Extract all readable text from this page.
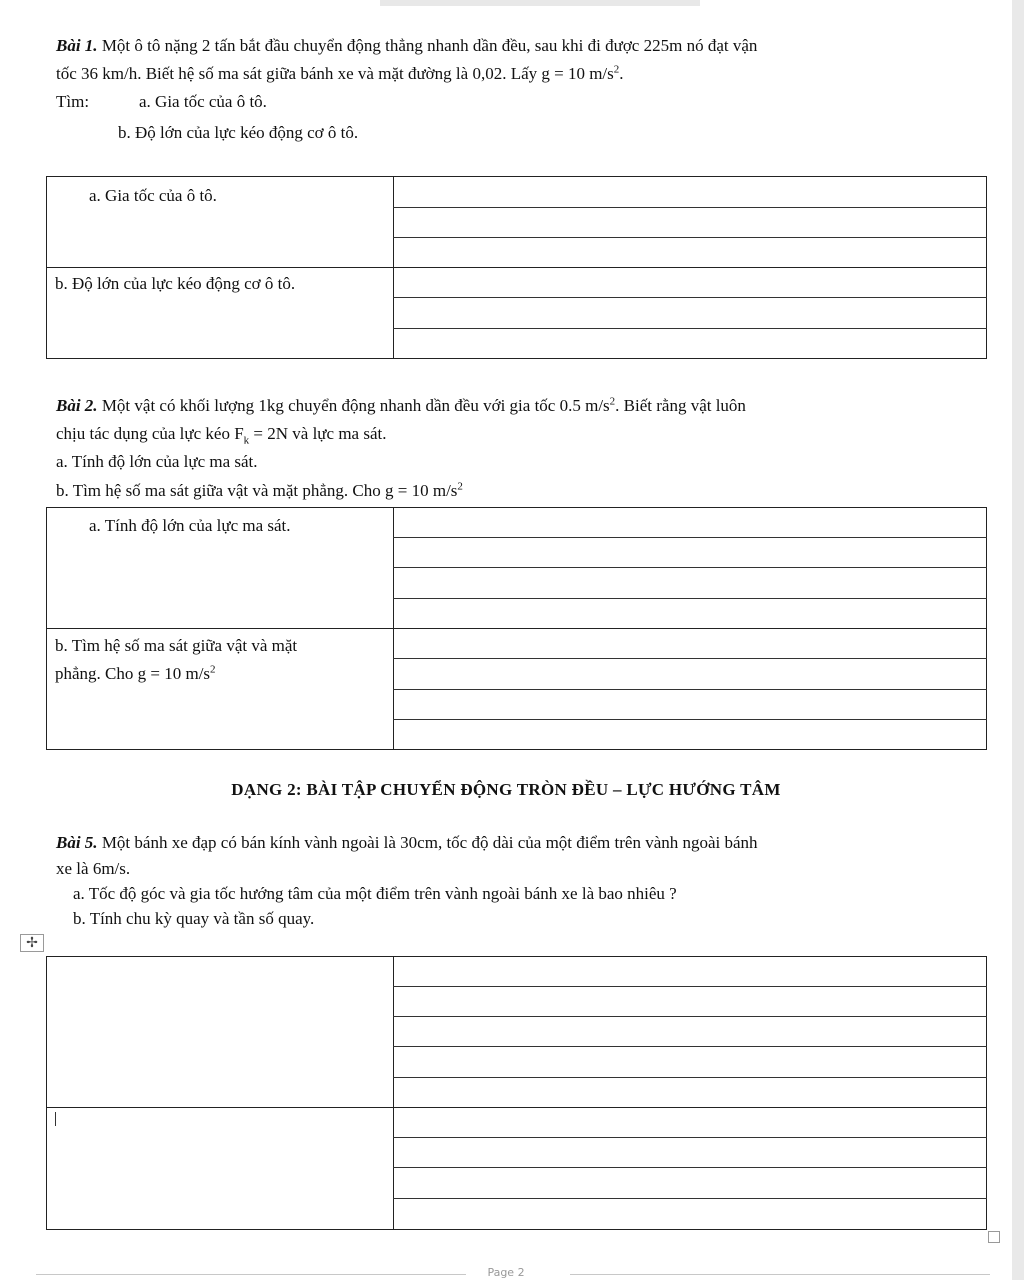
Bài 1. Một ô tô nặng 2 tấn bắt đầu chuyển động thẳng nhanh dần đều, sau khi đi được 225m nó đạt vận
tốc 36 km/h. Biết hệ số ma sát giữa bánh xe và mặt đường là 0,02. Lấy g = 10 $m/s^2$.
Tìm:	a. Gia tốc của ô tô.
b. Độ lớn của lực kéo động cơ ô tô.
a. Gia tốc của ô tô.
b. Độ lớn của lực kéo động cơ ô tô.
Bài 2. Một vật có khối lượng 1kg chuyển động nhanh dần đều với gia tốc 0.5 $m/s^2$. Biết rằng vật luôn
chịu tác dụng của lực kéo $F_k = 2N$ và lực ma sát.
a. Tính độ lớn của lực ma sát.
b. Tìm hệ số ma sát giữa vật và mặt phẳng. Cho g = 10 $m/s^2$
a. Tính độ lớn của lực ma sát.
b. Tìm hệ số ma sát giữa vật và mặt
phẳng. Cho g = 10 $m/s^2$
DẠNG 2: BÀI TẬP CHUYỂN ĐỘNG TRÒN ĐỀU – LỰC HƯỚNG TÂM
Bài 5. Một bánh xe đạp có bán kính vành ngoài là 30cm, tốc độ dài của một điểm trên vành ngoài bánh
xe là 6m/s.
a. Tốc độ góc và gia tốc hướng tâm của một điểm trên vành ngoài bánh xe là bao nhiêu ?
b. Tính chu kỳ quay và tần số quay.
✢
Page 2
